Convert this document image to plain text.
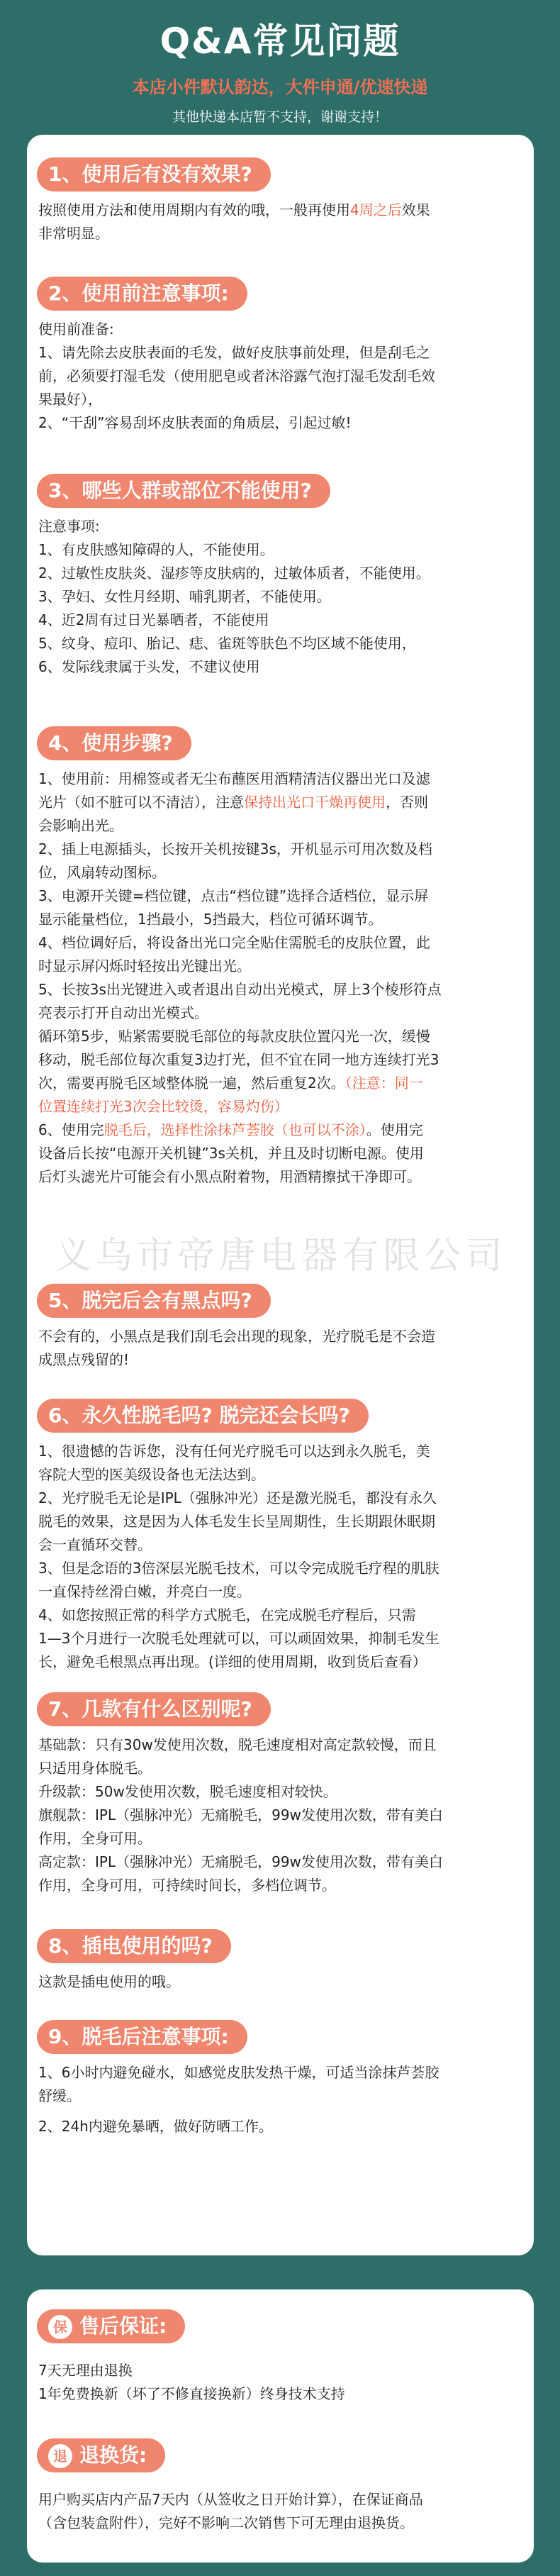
Q&A常见问题
本店小件默认韵达，大件申通/优速快递
其他快递本店暂不支持，谢谢支持！
1、使用后有没有效果?

按照使用方法和使用周期内有效的哦，一般再使用4周之后效果

非常明显。

2、使用前注意事项:

使用前准备:

1、请先除去皮肤表面的毛发，做好皮肤事前处理，但是刮毛之

前，必须要打湿毛发（使用肥皂或者沐浴露气泡打湿毛发刮毛效

果最好），

2、“干刮”容易刮坏皮肤表面的角质层，引起过敏!

3、哪些人群或部位不能使用?

注意事项:

1、有皮肤感知障碍的人，不能使用。

2、过敏性皮肤炎、湿疹等皮肤病的，过敏体质者，不能使用。

3、孕妇、女性月经期、哺乳期者，不能使用。

4、近2周有过日光暴晒者，不能使用

5、纹身、痘印、胎记、痣、雀斑等肤色不均区域不能使用，

6、发际线隶属于头发，不建议使用

4、使用步骤?

1、使用前：用棉签或者无尘布蘸医用酒精清洁仪器出光口及滤

光片（如不脏可以不清洁），注意保持出光口干燥再使用，否则

会影响出光。

2、插上电源插头，长按开关机按键3s，开机显示可用次数及档

位，风扇转动图标。

3、电源开关键=档位键，点击“档位键”选择合适档位，显示屏

显示能量档位，1挡最小，5挡最大，档位可循环调节。

4、档位调好后，将设备出光口完全贴住需脱毛的皮肤位置，此

时显示屏闪烁时轻按出光键出光。

5、长按3s出光键进入或者退出自动出光模式，屏上3个棱形符点

亮表示打开自动出光模式。

循环第5步，贴紧需要脱毛部位的每款皮肤位置闪光一次，缓慢

移动，脱毛部位每次重复3边打光，但不宜在同一地方连续打光3

次，需要再脱毛区域整体脱一遍，然后重复2次。（注意：同一

位置连续打光3次会比较烫，容易灼伤）

6、使用完脱毛后，选择性涂抹芦荟胶（也可以不涂）。使用完

设备后长按“电源开关机键”3s关机，并且及时切断电源。使用

后灯头滤光片可能会有小黑点附着物，用酒精擦拭干净即可。

义乌市帝唐电器有限公司
5、脱完后会有黑点吗?

不会有的，小黑点是我们刮毛会出现的现象，光疗脱毛是不会造

成黑点残留的!

6、永久性脱毛吗? 脱完还会长吗?

1、很遗憾的告诉您，没有任何光疗脱毛可以达到永久脱毛，美

容院大型的医美级设备也无法达到。

2、光疗脱毛无论是IPL（强脉冲光）还是激光脱毛，都没有永久

脱毛的效果，这是因为人体毛发生长呈周期性，生长期跟休眠期

会一直循环交替。

3、但是念语的3倍深层光脱毛技术，可以令完成脱毛疗程的肌肤

一直保持丝滑白嫩，并亮白一度。

4、如您按照正常的科学方式脱毛，在完成脱毛疗程后，只需

1—3个月进行一次脱毛处理就可以，可以顽固效果，抑制毛发生

长，避免毛根黑点再出现。(详细的使用周期，收到货后查看）

7、几款有什么区别呢?

基础款：只有30w发使用次数，脱毛速度相对高定款较慢，而且

只适用身体脱毛。

升级款：50w发使用次数，脱毛速度相对较快。

旗舰款：IPL（强脉冲光）无痛脱毛，99w发使用次数，带有美白

作用，全身可用。

高定款：IPL（强脉冲光）无痛脱毛，99w发使用次数，带有美白

作用，全身可用，可持续时间长，多档位调节。

8、插电使用的吗?

这款是插电使用的哦。

9、脱毛后注意事项:

1、6小时内避免碰水，如感觉皮肤发热干燥，可适当涂抹芦荟胶

舒缓。

2、24h内避免暴晒，做好防晒工作。

保 售后保证:

7天无理由退换

1年免费换新（坏了不修直接换新）终身技术支持

退 退换货:

用户购买店内产品7天内（从签收之日开始计算），在保证商品

（含包装盒附件），完好不影响二次销售下可无理由退换货。
